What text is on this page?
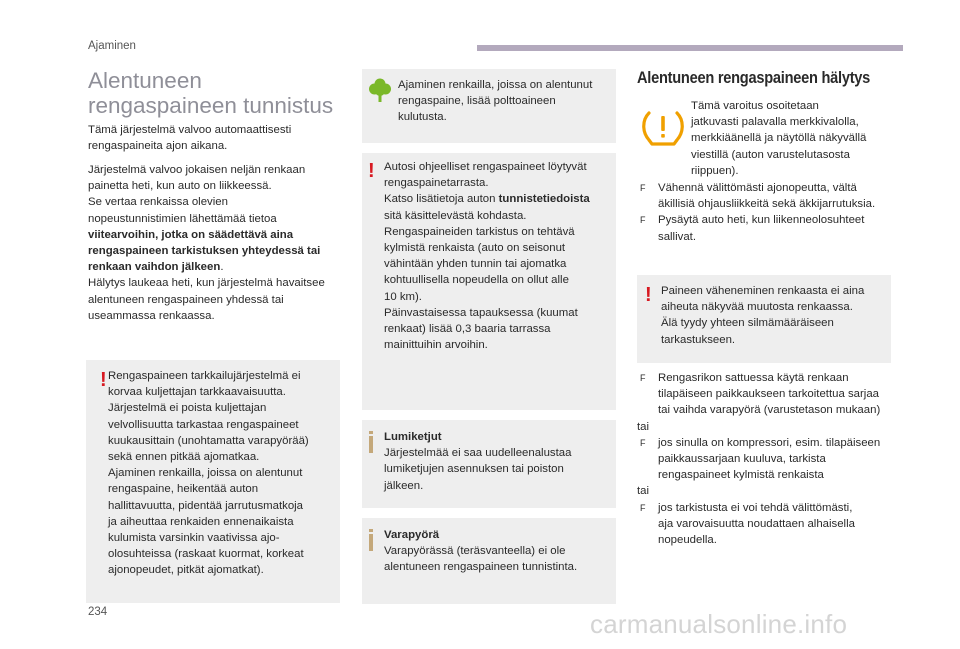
Ajaminen
Alentuneen
rengaspaineen tunnistus

Tämä järjestelmä valvoo automaattisesti rengaspaineita ajon aikana.

Järjestelmä valvoo jokaisen neljän renkaan
painetta heti, kun auto on liikkeessä.
Se vertaa renkaissa olevien
nopeustunnistimien lähettämää tietoa
viitearvoihin, jotka on säädettävä aina
rengaspaineen tarkistuksen yhteydessä tai
renkaan vaihdon jälkeen.
Hälytys laukeaa heti, kun järjestelmä havaitsee
alentuneen rengaspaineen yhdessä tai
useammassa renkaassa.
! Rengaspaineen tarkkailujärjestelmä ei
korvaa kuljettajan tarkkaavaisuutta.
Järjestelmä ei poista kuljettajan
velvollisuutta tarkastaa rengaspaineet
kuukausittain (unohtamatta varapyörää)
sekä ennen pitkää ajomatkaa.
Ajaminen renkailla, joissa on alentunut
rengaspaine, heikentää auton
hallittavuutta, pidentää jarrutusmatkoja
ja aiheuttaa renkaiden ennenaikaista
kulumista varsinkin vaativissa ajo-
olosuhteissa (raskaat kuormat, korkeat
ajonopeudet, pitkät ajomatkat).
Ajaminen renkailla, joissa on alentunut
rengaspaine, lisää polttoaineen
kulutusta.
! Autosi ohjeelliset rengaspaineet löytyvät
rengaspainetarrasta.
Katso lisätietoja auton tunnistetiedoista
sitä käsittelevästä kohdasta.
Rengaspaineiden tarkistus on tehtävä
kylmistä renkaista (auto on seisonut
vähintään yhden tunnin tai ajomatka
kohtuullisella nopeudella on ollut alle
10 km).
Päinvastaisessa tapauksessa (kuumat
renkaat) lisää 0,3 baaria tarrassa
mainittuihin arvoihin.
Lumiketjut
Järjestelmää ei saa uudelleenalustaa
lumiketjujen asennuksen tai poiston
jälkeen.
Varapyörä
Varapyörässä (teräsvanteella) ei ole
alentuneen rengaspaineen tunnistinta.
Alentuneen rengaspaineen hälytys
Tämä varoitus osoitetaan
jatkuvasti palavalla merkkivalolla,
merkkiäänellä ja näytöllä näkyvällä
viestillä (auton varustelutasosta
riippuen).
F Vähennä välittömästi ajonopeutta, vältä
äkillisiä ohjausliikkeitä sekä äkkijarrutuksia.
F Pysäytä auto heti, kun liikenneolosuhteet
sallivat.
! Paineen väheneminen renkaasta ei aina
aiheuta näkyvää muutosta renkaassa.
Älä tyydy yhteen silmämääräiseen
tarkastukseen.
F Rengasrikon sattuessa käytä renkaan
tilapäiseen paikkaukseen tarkoitettua sarjaa
tai vaihda varapyörä (varustetason mukaan)
tai
F jos sinulla on kompressori, esim. tilapäiseen
paikkaussarjaan kuuluva, tarkista
rengaspaineet kylmistä renkaista
tai
F jos tarkistusta ei voi tehdä välittömästi,
aja varovaisuutta noudattaen alhaisella
nopeudella.
234	carmanualsonline.info
